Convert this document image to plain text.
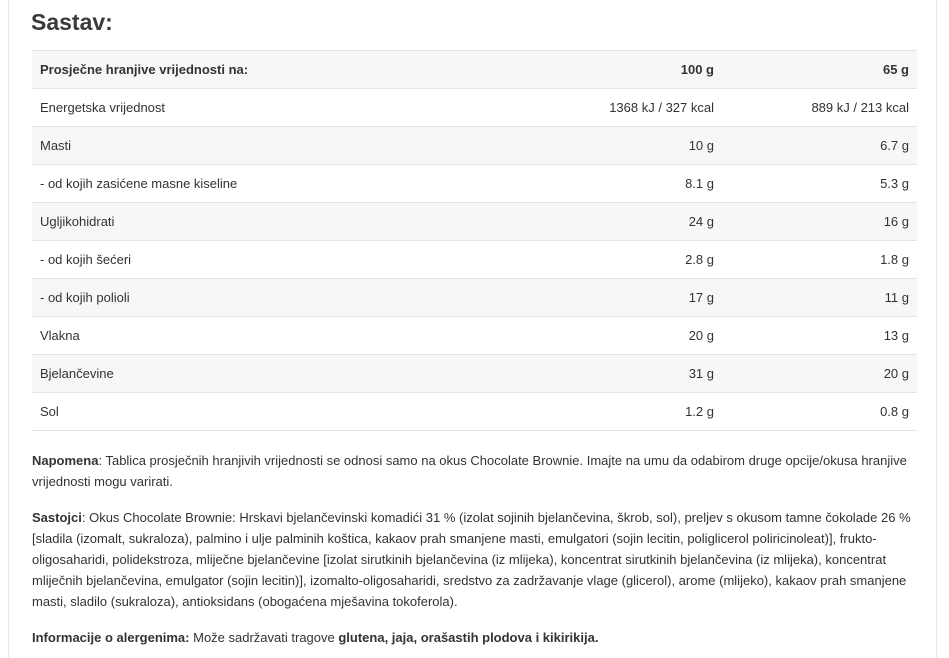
Sastav:
Prosječne hranjive vrijednosti na:	100 g	65 g
Energetska vrijednost	1368 kJ / 327 kcal	889 kJ / 213 kcal
Masti	10 g	6.7 g
- od kojih zasićene masne kiseline	8.1 g	5.3 g
Ugljikohidrati	24 g	16 g
- od kojih šećeri	2.8 g	1.8 g
- od kojih polioli	17 g	11 g
Vlakna	20 g	13 g
Bjelančevine	31 g	20 g
Sol	1.2 g	0.8 g

Napomena: Tablica prosječnih hranjivih vrijednosti se odnosi samo na okus Chocolate Brownie. Imajte na umu da odabirom druge opcije/okusa hranjive vrijednosti mogu varirati.

Sastojci: Okus Chocolate Brownie: Hrskavi bjelančevinski komadići 31 % (izolat sojinih bjelančevina, škrob, sol), preljev s okusom tamne čokolade 26 % [sladila (izomalt, sukraloza), palmino i ulje palminih koštica, kakaov prah smanjene masti, emulgatori (sojin lecitin, poliglicerol poliricinoleat)], frukto-oligosaharidi, polidekstroza, mliječne bjelančevine [izolat sirutkinih bjelančevina (iz mlijeka), koncentrat sirutkinih bjelančevina (iz mlijeka), koncentrat mliječnih bjelančevina, emulgator (sojin lecitin)], izomalto-oligosaharidi, sredstvo za zadržavanje vlage (glicerol), arome (mlijeko), kakaov prah smanjene masti, sladilo (sukraloza), antioksidans (obogaćena mješavina tokoferola).

Informacije o alergenima: Može sadržavati tragove glutena, jaja, orašastih plodova i kikirikija.
